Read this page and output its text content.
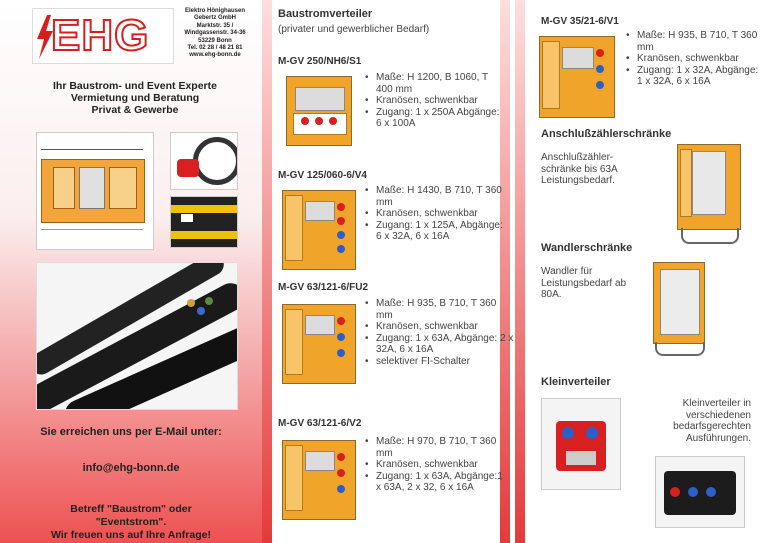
EHG	Elektro Hönighausen
Gebertz GmbH
Marktstr. 35 /
Windgassenstr. 34-36
53229 Bonn
Tel. 02 28 / 48 21 81
www.ehg-bonn.de
Ihr Baustrom- und Event Experte
Vermietung und Beratung
Privat & Gewerbe
Sie erreichen uns per E-Mail unter:
info@ehg-bonn.de
Betreff "Baustrom" oder
"Eventstrom".
Wir freuen uns auf Ihre Anfrage!
Baustromverteiler
(privater und gewerblicher Bedarf)
M-GV 250/NH6/S1
• Maße: H 1200, B 1060, T 400 mm
• Kranösen, schwenkbar
• Zugang: 1 x 250A Abgänge: 6 x 100A
M-GV 125/060-6/V4
• Maße: H 1430, B 710, T 360 mm
• Kranösen, schwenkbar
• Zugang: 1 x 125A, Abgänge: 6 x 32A, 6 x 16A
M-GV 63/121-6/FU2
• Maße: H 935, B 710, T 360 mm
• Kranösen, schwenkbar
• Zugang: 1 x 63A, Abgänge: 2 x 32A, 6 x 16A
• selektiver FI-Schalter
M-GV 63/121-6/V2
• Maße: H 970, B 710, T 360 mm
• Kranösen, schwenkbar
• Zugang: 1 x 63A, Abgänge:1 x 63A, 2 x 32, 6 x 16A
M-GV 35/21-6/V1
• Maße: H 935, B 710, T 360 mm
• Kranösen, schwenkbar
• Zugang: 1 x 32A, Abgänge: 1 x 32A, 6 x 16A
Anschlußzählerschränke
Anschlußzähler-schränke bis 63A Leistungsbedarf.
Wandlerschränke
Wandler für Leistungsbedarf ab 80A.
Kleinverteiler
Kleinverteiler in verschiedenen bedarfsgerechten Ausführungen.
